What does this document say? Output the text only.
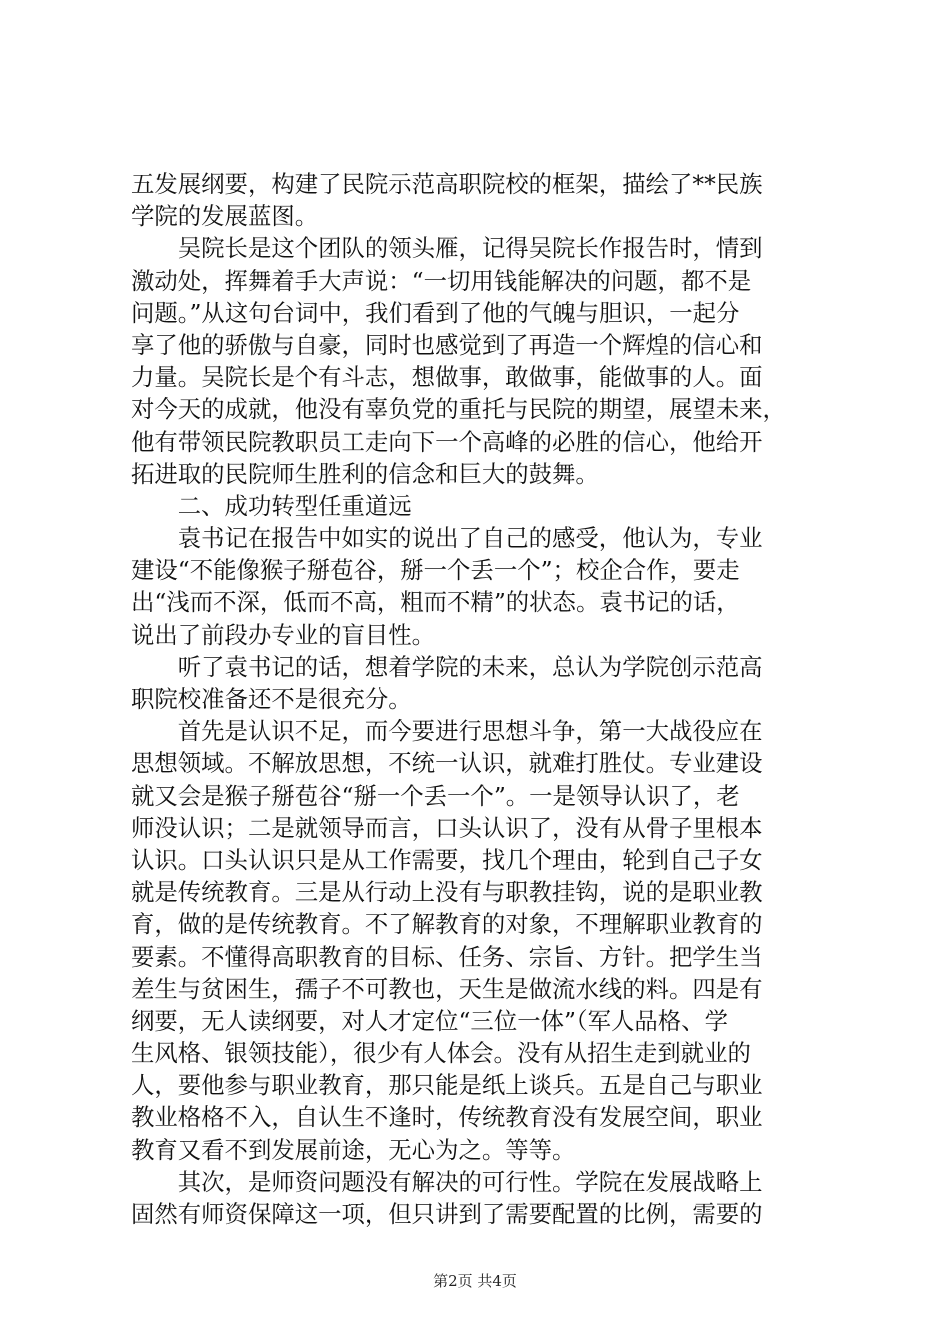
五发展纲要，构建了民院示范高职院校的框架，描绘了**民族
学院的发展蓝图。
　　吴院长是这个团队的领头雁，记得吴院长作报告时，情到
激动处，挥舞着手大声说：“一切用钱能解决的问题，都不是
问题。”从这句台词中，我们看到了他的气魄与胆识，一起分
享了他的骄傲与自豪，同时也感觉到了再造一个辉煌的信心和
力量。吴院长是个有斗志，想做事，敢做事，能做事的人。面
对今天的成就，他没有辜负党的重托与民院的期望，展望未来，
他有带领民院教职员工走向下一个高峰的必胜的信心，他给开
拓进取的民院师生胜利的信念和巨大的鼓舞。
　　二、成功转型任重道远
　　袁书记在报告中如实的说出了自己的感受，他认为，专业
建设“不能像猴子掰苞谷，掰一个丢一个”；校企合作，要走
出“浅而不深，低而不高，粗而不精”的状态。袁书记的话，
说出了前段办专业的盲目性。
　　听了袁书记的话，想着学院的未来，总认为学院创示范高
职院校准备还不是很充分。
　　首先是认识不足，而今要进行思想斗争，第一大战役应在
思想领域。不解放思想，不统一认识，就难打胜仗。专业建设
就又会是猴子掰苞谷“掰一个丢一个”。一是领导认识了，老
师没认识；二是就领导而言，口头认识了，没有从骨子里根本
认识。口头认识只是从工作需要，找几个理由，轮到自己子女
就是传统教育。三是从行动上没有与职教挂钩，说的是职业教
育，做的是传统教育。不了解教育的对象，不理解职业教育的
要素。不懂得高职教育的目标、任务、宗旨、方针。把学生当
差生与贫困生，孺子不可教也，天生是做流水线的料。四是有
纲要，无人读纲要，对人才定位“三位一体”（军人品格、学
生风格、银领技能），很少有人体会。没有从招生走到就业的
人，要他参与职业教育，那只能是纸上谈兵。五是自己与职业
教业格格不入，自认生不逢时，传统教育没有发展空间，职业
教育又看不到发展前途，无心为之。等等。
　　其次，是师资问题没有解决的可行性。学院在发展战略上
固然有师资保障这一项，但只讲到了需要配置的比例，需要的
第2页 共4页
